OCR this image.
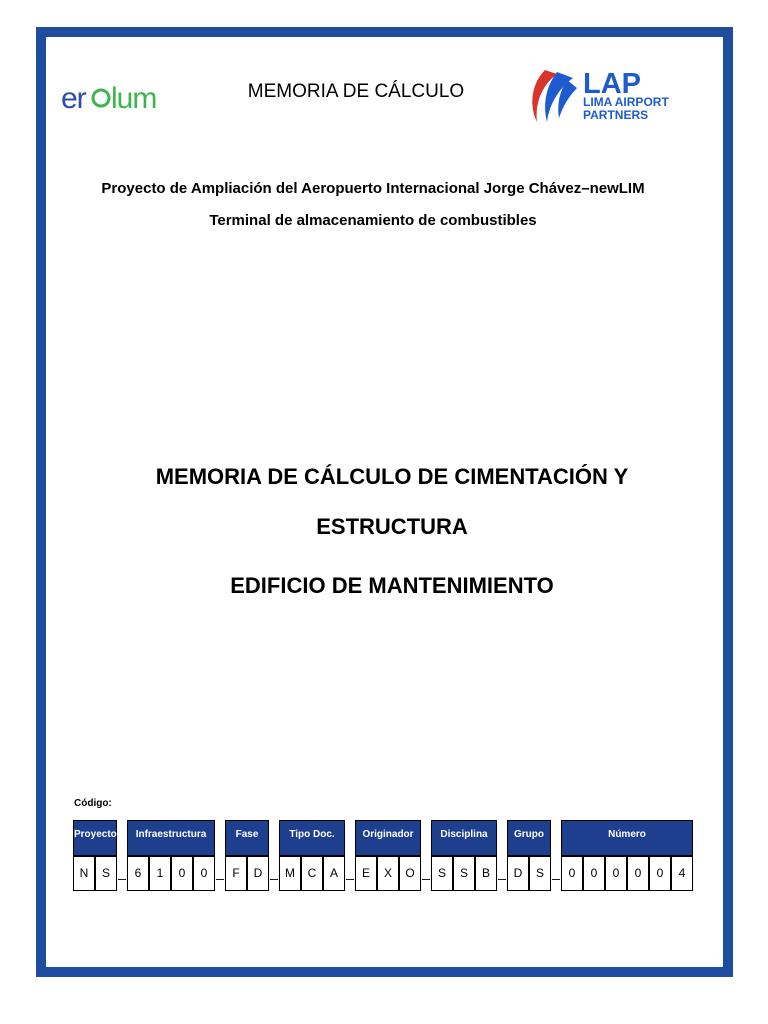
er lum	MEMORIA DE CÁLCULO	LAP
LIMA AIRPORT
PARTNERS
Proyecto de Ampliación del Aeropuerto Internacional Jorge Chávez–newLIM
Terminal de almacenamiento de combustibles
MEMORIA DE CÁLCULO DE CIMENTACIÓN Y
ESTRUCTURA
EDIFICIO DE MANTENIMIENTO
Código:
Proyecto
N	S _
Infraestructura
6	1	0	0 _
Fase
F	D _
Tipo Doc.
M	C	A _
Originador
E	X	O _
Disciplina
S	S	B _
Grupo
D	S _
Número
0	0	0	0	0	4
